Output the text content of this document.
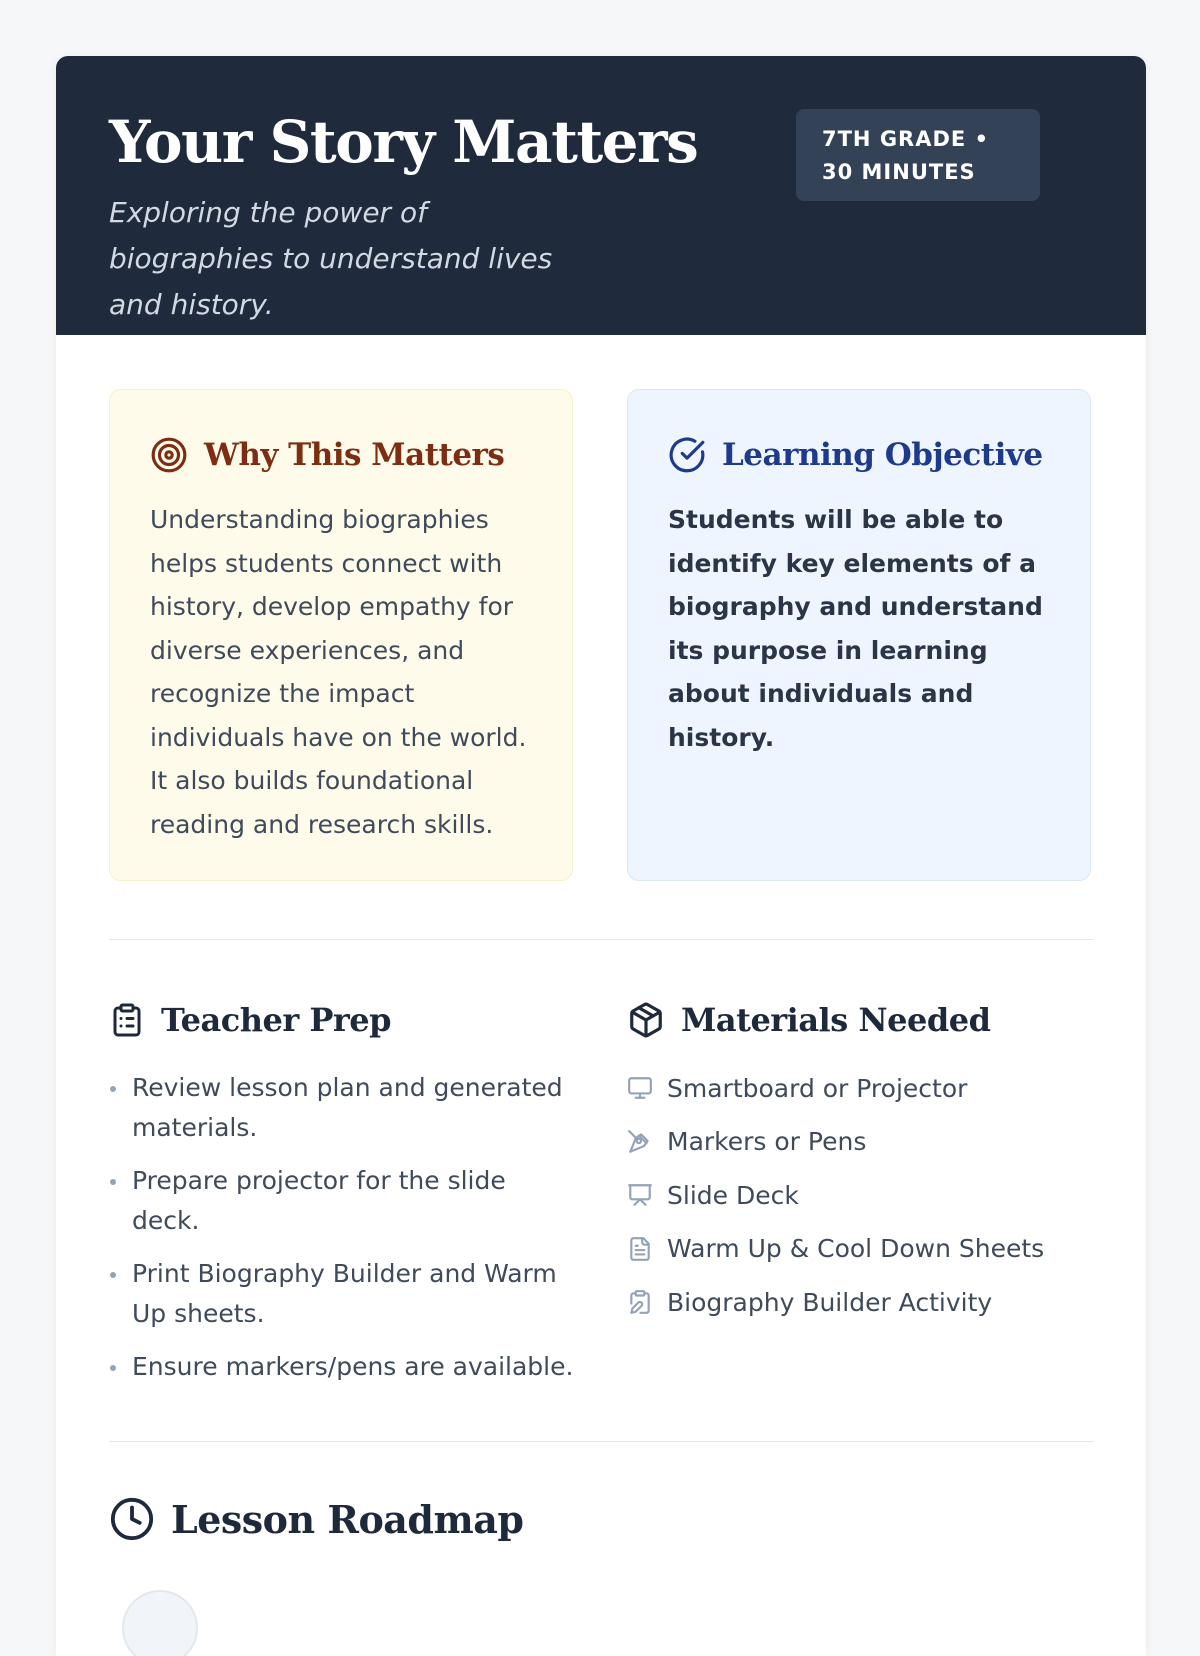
Your Story Matters

Exploring the power of biographies to understand lives and history.

7TH GRADE • 30 MINUTES
Why This Matters

Understanding biographies helps students connect with history, develop empathy for diverse experiences, and recognize the impact individuals have on the world. It also builds foundational reading and research skills.

Learning Objective

Students will be able to identify key elements of a biography and understand its purpose in learning about individuals and history.

Teacher Prep
Review lesson plan and generated materials.
Prepare projector for the slide deck.
Print Biography Builder and Warm Up sheets.
Ensure markers/pens are available.
Materials Needed
Smartboard or Projector
Markers or Pens
Slide Deck
Warm Up & Cool Down Sheets
Biography Builder Activity
Lesson Roadmap
